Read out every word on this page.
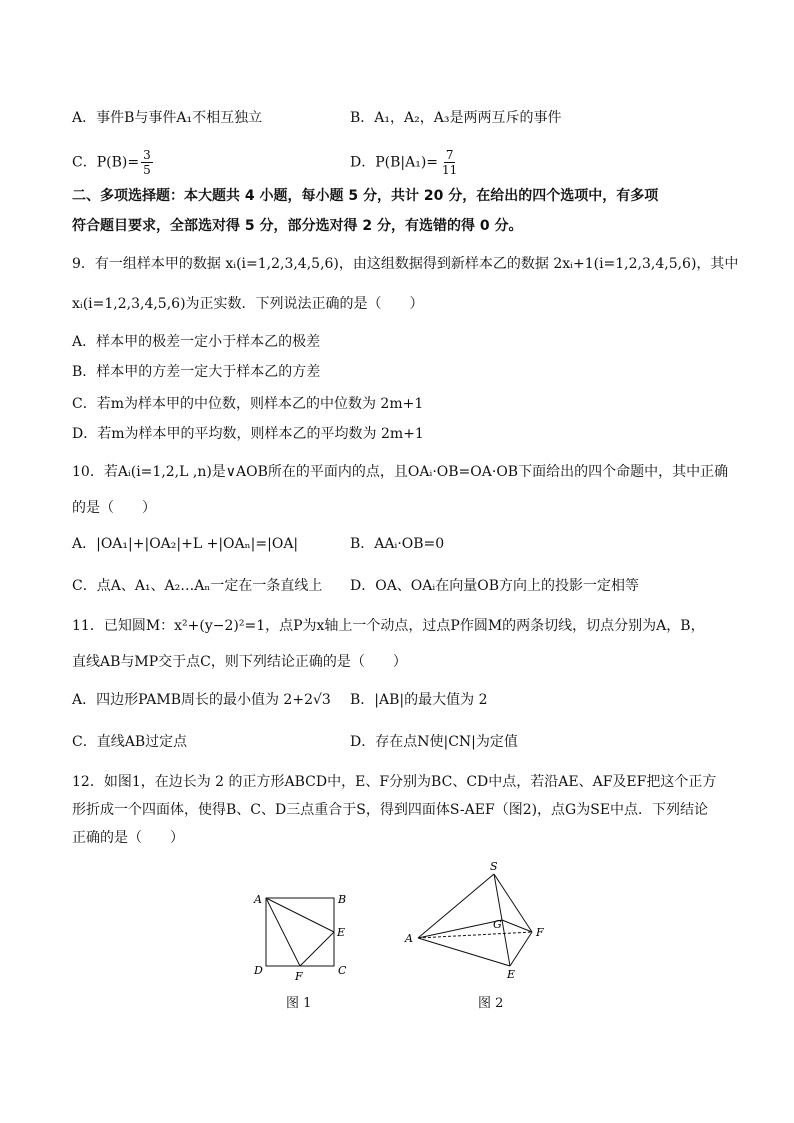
A．事件B与事件A₁不相互独立	B．A₁，A₂，A₃是两两互斥的事件
C．$P(B)= \frac{3}{5}$	D．$P(B|A_1)= \frac{7}{11}$
二、多项选择题：本大题共 4 小题，每小题 5 分，共计 20 分，在给出的四个选项中，有多项
符合题目要求，全部选对得 5 分，部分选对得 2 分，有选错的得 0 分。
9．有一组样本甲的数据 xᵢ(i=1,2,3,4,5,6)，由这组数据得到新样本乙的数据 2xᵢ+1(i=1,2,3,4,5,6)，其中
xᵢ(i=1,2,3,4,5,6)为正实数．下列说法正确的是（　　）
A．样本甲的极差一定小于样本乙的极差
B．样本甲的方差一定大于样本乙的方差
C．若m为样本甲的中位数，则样本乙的中位数为 2m+1
D．若m为样本甲的平均数，则样本乙的平均数为 2m+1
10．若Aᵢ(i=1,2,L ,n)是∨AOB所在的平面内的点，且OAᵢ·OB=OA·OB下面给出的四个命题中，其中正确
的是（　　）
A．|OA₁|+|OA₂|+L +|OAₙ|=|OA|	B．AAᵢ·OB=0
C．点A、A₁、A₂…Aₙ一定在一条直线上 D．OA、OAᵢ在向量OB方向上的投影一定相等
11．已知圆M：x²+(y−2)²=1，点P为x轴上一个动点，过点P作圆M的两条切线，切点分别为A，B，
直线AB与MP交于点C，则下列结论正确的是（　　）
A．四边形PAMB周长的最小值为 2+2√3 B．|AB|的最大值为 2
C．直线AB过定点	D．存在点N使|CN|为定值
12．如图1，在边长为 2 的正方形ABCD中，E、F分别为BC、CD中点，若沿AE、AF及EF把这个正方
形折成一个四面体，使得B、C、D三点重合于S，得到四面体S-AEF（图2)，点G为SE中点．下列结论
正确的是（　　）
A	B
C
D
E
F
图 1
S
A
E
F
G
图 2
